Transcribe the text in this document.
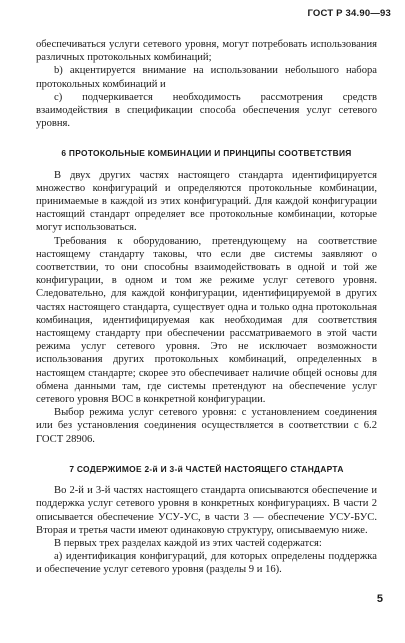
ГОСТ Р 34.90—93

обеспечиваться услуги сетевого уровня, могут потребовать использования различных протокольных комбинаций;

b) акцентируется внимание на использовании небольшого набора протокольных комбинаций и

c) подчеркивается необходимость рассмотрения средств взаимодействия в спецификации способа обеспечения услуг сетевого уровня.

6 ПРОТОКОЛЬНЫЕ КОМБИНАЦИИ И ПРИНЦИПЫ СООТВЕТСТВИЯ

В двух других частях настоящего стандарта идентифицируется множество конфигураций и определяются протокольные комбинации, принимаемые в каждой из этих конфигураций. Для каждой конфигурации настоящий стандарт определяет все протокольные комбинации, которые могут использоваться.

Требования к оборудованию, претендующему на соответствие настоящему стандарту таковы, что если две системы заявляют о соответствии, то они способны взаимодействовать в одной и той же конфигурации, в одном и том же режиме услуг сетевого уровня. Следовательно, для каждой конфигурации, идентифицируемой в других частях настоящего стандарта, существует одна и только одна протокольная комбинация, идентифицируемая как необходимая для соответствия настоящему стандарту при обеспечении рассматриваемого в этой части режима услуг сетевого уровня. Это не исключает возможности использования других протокольных комбинаций, определенных в настоящем стандарте; скорее это обеспечивает наличие общей основы для обмена данными там, где системы претендуют на обеспечение услуг сетевого уровня ВОС в конкретной конфигурации.

Выбор режима услуг сетевого уровня: с установлением соединения или без установления соединения осуществляется в соответствии с 6.2 ГОСТ 28906.

7 СОДЕРЖИМОЕ 2-й И 3-й ЧАСТЕЙ НАСТОЯЩЕГО СТАНДАРТА

Во 2-й и 3-й частях настоящего стандарта описываются обеспечение и поддержка услуг сетевого уровня в конкретных конфигурациях. В части 2 описывается обеспечение УСУ-УС, в части 3 — обеспечение УСУ-БУС. Вторая и третья части имеют одинаковую структуру, описываемую ниже.

В первых трех разделах каждой из этих частей содержатся:

а) идентификация конфигураций, для которых определены поддержка и обеспечение услуг сетевого уровня (разделы 9 и 16).

5
